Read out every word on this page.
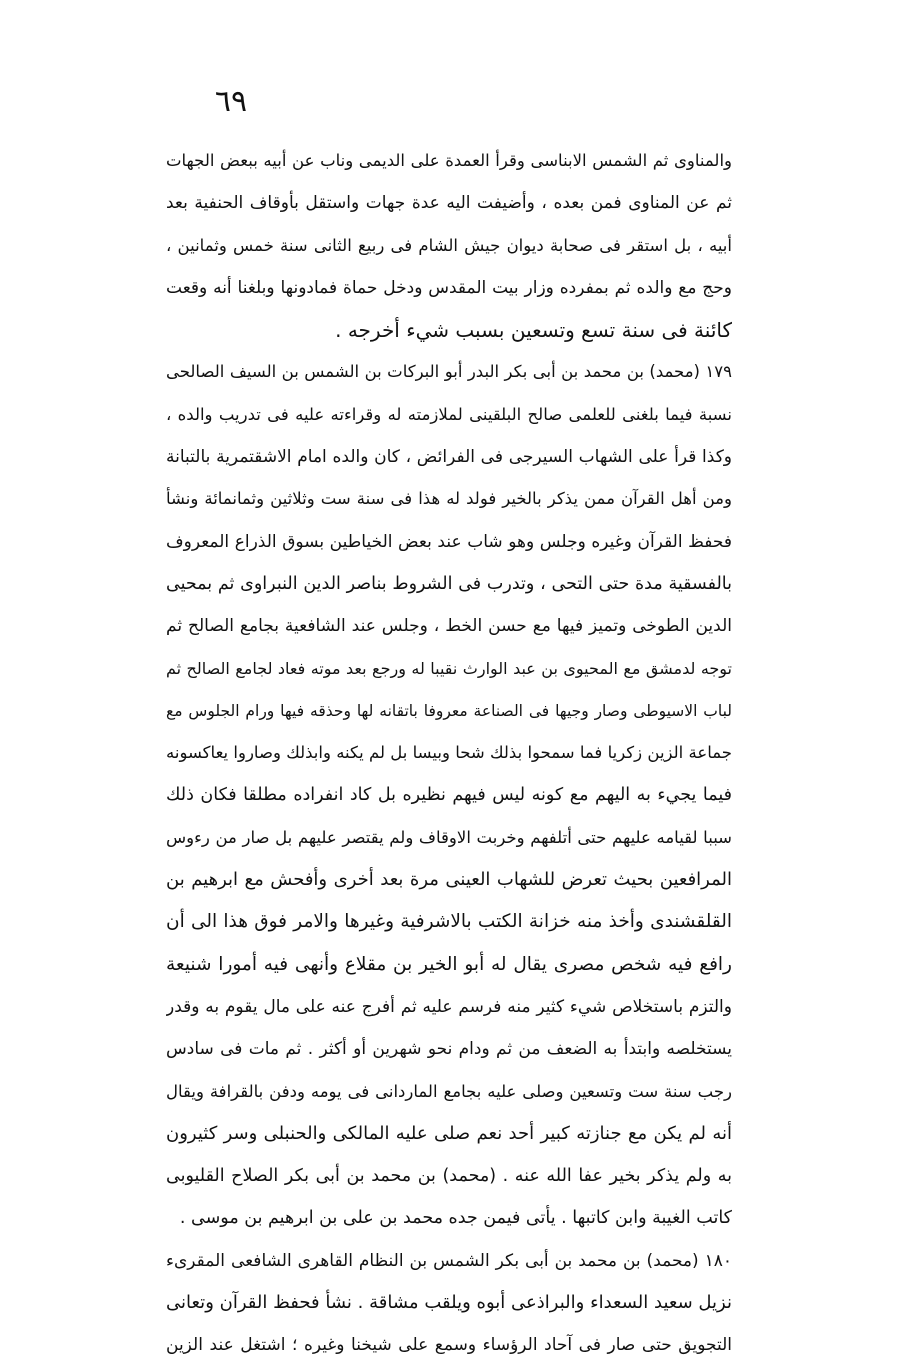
٦٩
والمناوى ثم الشمس الابناسى وقرأ العمدة على الديمى وناب عن أبيه ببعض الجهات
ثم عن المناوى فمن بعده ، وأضيفت اليه عدة جهات واستقل بأوقاف الحنفية بعد
أبيه ، بل استقر فى صحابة ديوان جيش الشام فى ربيع الثانى سنة خمس وثمانين ،
وحج مع والده ثم بمفرده وزار بيت المقدس ودخل حماة فمادونها وبلغنا أنه وقعت
كائنة فى سنة تسع وتسعين بسبب شيء أخرجه .
١٧٩ (محمد) بن محمد بن أبى بكر البدر أبو البركات بن الشمس بن السيف الصالحى
نسبة فيما بلغنى للعلمى صالح البلقينى لملازمته له وقراءته عليه فى تدريب والده ،
وكذا قرأ على الشهاب السيرجى فى الفرائض ، كان والده امام الاشقتمرية بالتبانة
ومن أهل القرآن ممن يذكر بالخير فولد له هذا فى سنة ست وثلاثين وثمانمائة ونشأ
فحفظ القرآن وغيره وجلس وهو شاب عند بعض الخياطين بسوق الذراع المعروف
بالفسقية مدة حتى التحى ، وتدرب فى الشروط بناصر الدين النبراوى ثم بمحيى
الدين الطوخى وتميز فيها مع حسن الخط ، وجلس عند الشافعية بجامع الصالح ثم
توجه لدمشق مع المحيوى بن عبد الوارث نقيبا له ورجع بعد موته فعاد لجامع الصالح ثم
لباب الاسيوطى وصار وجيها فى الصناعة معروفا باتقانه لها وحذقه فيها ورام الجلوس مع
جماعة الزين زكريا فما سمحوا بذلك شحا وبيسا بل لم يكنه وابذلك وصاروا يعاكسونه
فيما يجيء به اليهم مع كونه ليس فيهم نظيره بل كاد انفراده مطلقا فكان ذلك
سببا لقيامه عليهم حتى أتلفهم وخربت الاوقاف ولم يقتصر عليهم بل صار من رءوس
المرافعين بحيث تعرض للشهاب العينى مرة بعد أخرى وأفحش مع ابرهيم بن
القلقشندى وأخذ منه خزانة الكتب بالاشرفية وغيرها والامر فوق هذا الى أن
رافع فيه شخص مصرى يقال له أبو الخير بن مقلاع وأنهى فيه أمورا شنيعة
والتزم باستخلاص شيء كثير منه فرسم عليه ثم أفرج عنه على مال يقوم به وقدر
يستخلصه وابتدأ به الضعف من ثم ودام نحو شهرين أو أكثر . ثم مات فى سادس
رجب سنة ست وتسعين وصلى عليه بجامع الماردانى فى يومه ودفن بالقرافة ويقال
أنه لم يكن مع جنازته كبير أحد نعم صلى عليه المالكى والحنبلى وسر كثيرون
به ولم يذكر بخير عفا الله عنه . (محمد) بن محمد بن أبى بكر الصلاح القليوبى
كاتب الغيبة وابن كاتبها . يأتى فيمن جده محمد بن على بن ابرهيم بن موسى .
١٨٠ (محمد) بن محمد بن أبى بكر الشمس بن النظام القاهرى الشافعى المقرىء
نزيل سعيد السعداء والبراذعى أبوه ويلقب مشاقة . نشأ فحفظ القرآن وتعانى
التجويق حتى صار فى آحاد الرؤساء وسمع على شيخنا وغيره ؛ اشتغل عند الزين
